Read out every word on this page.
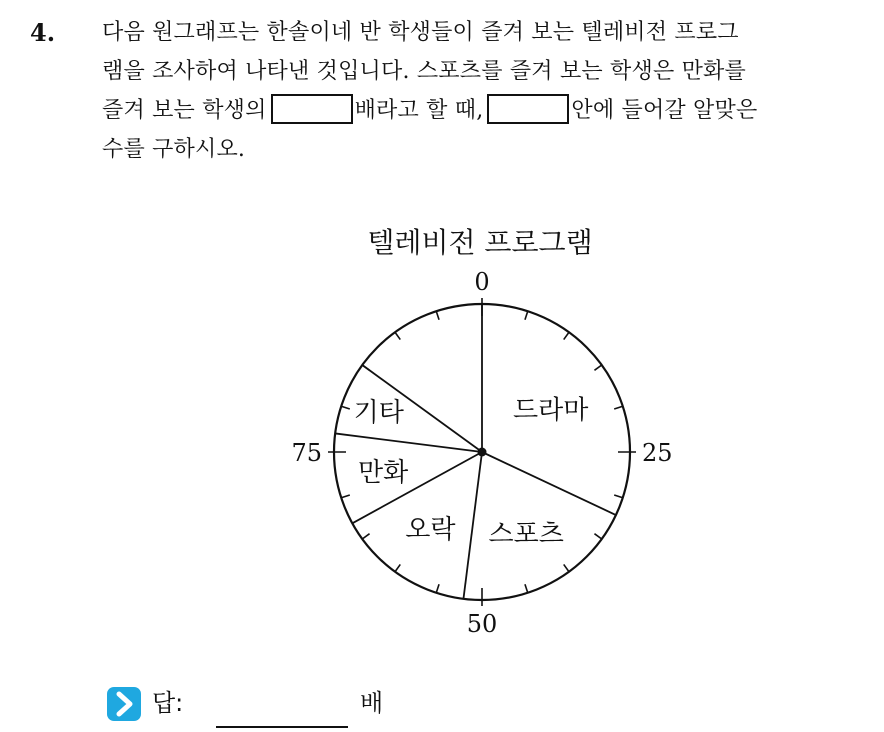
4. 다음 원그래프는 한솔이네 반 학생들이 즐겨 보는 텔레비전 프로그
램을 조사하여 나타낸 것입니다. 스포츠를 즐겨 보는 학생은 만화를
즐겨 보는 학생의	배라고 할 때,	안에 들어갈 알맞은
수를 구하시오.
텔레비전 프로그램
드라마
스포츠
오락
만화
기타
0
25
50
75
답:	배
